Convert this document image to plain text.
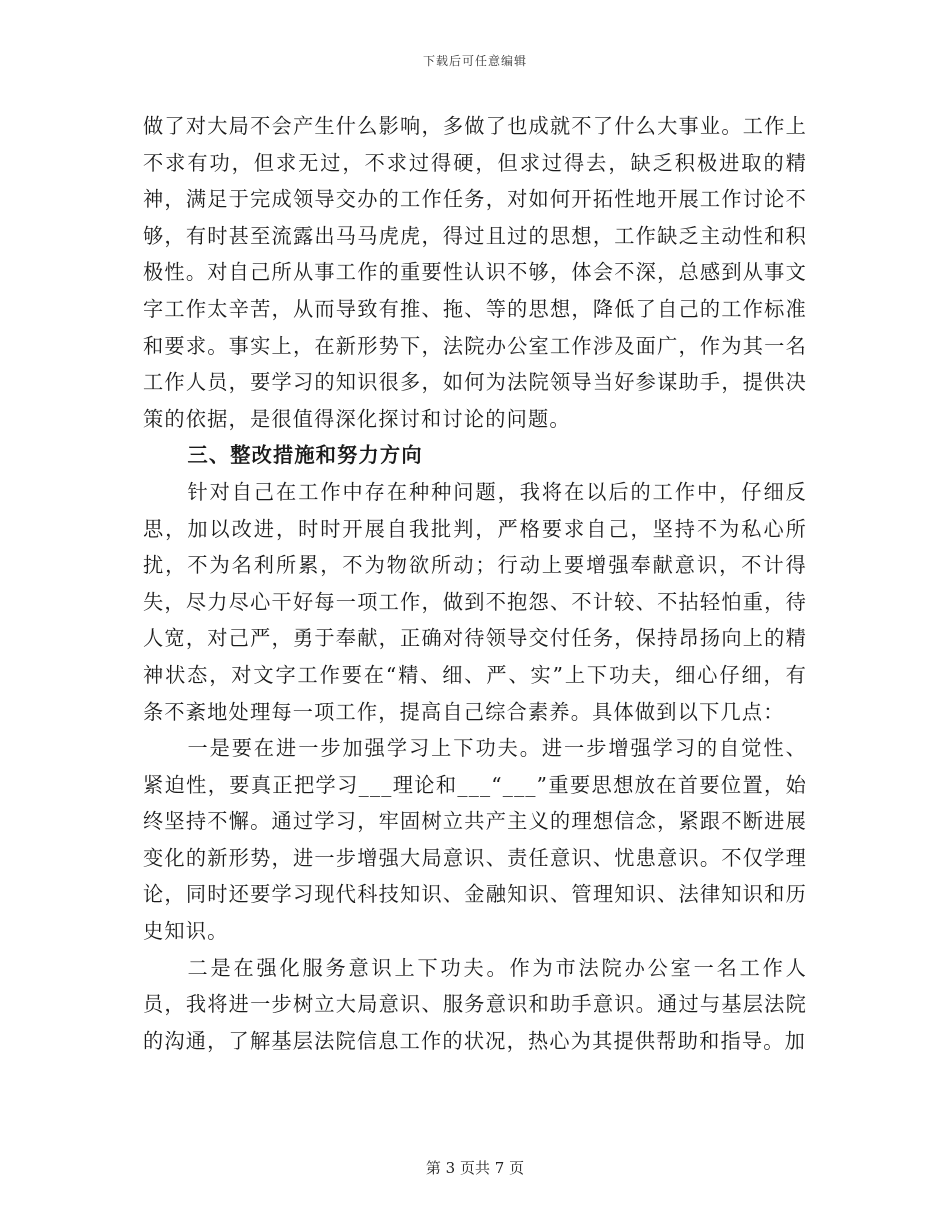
下载后可任意编辑

做了对大局不会产生什么影响，多做了也成就不了什么大事业。工作上不求有功，但求无过，不求过得硬，但求过得去，缺乏积极进取的精神，满足于完成领导交办的工作任务，对如何开拓性地开展工作讨论不够，有时甚至流露出马马虎虎，得过且过的思想，工作缺乏主动性和积极性。对自己所从事工作的重要性认识不够，体会不深，总感到从事文字工作太辛苦，从而导致有推、拖、等的思想，降低了自己的工作标准和要求。事实上，在新形势下，法院办公室工作涉及面广，作为其一名工作人员，要学习的知识很多，如何为法院领导当好参谋助手，提供决策的依据，是很值得深化探讨和讨论的问题。

三、整改措施和努力方向

针对自己在工作中存在种种问题，我将在以后的工作中，仔细反思，加以改进，时时开展自我批判，严格要求自己，坚持不为私心所扰，不为名利所累，不为物欲所动；行动上要增强奉献意识，不计得失，尽力尽心干好每一项工作，做到不抱怨、不计较、不拈轻怕重，待人宽，对己严，勇于奉献，正确对待领导交付任务，保持昂扬向上的精神状态，对文字工作要在“精、细、严、实”上下功夫，细心仔细，有条不紊地处理每一项工作，提高自己综合素养。具体做到以下几点：

一是要在进一步加强学习上下功夫。进一步增强学习的自觉性、紧迫性，要真正把学习___理论和___“___”重要思想放在首要位置，始终坚持不懈。通过学习，牢固树立共产主义的理想信念，紧跟不断进展变化的新形势，进一步增强大局意识、责任意识、忧患意识。不仅学理论，同时还要学习现代科技知识、金融知识、管理知识、法律知识和历史知识。

二是在强化服务意识上下功夫。作为市法院办公室一名工作人员，我将进一步树立大局意识、服务意识和助手意识。通过与基层法院的沟通，了解基层法院信息工作的状况，热心为其提供帮助和指导。加

第 3 页共 7 页
